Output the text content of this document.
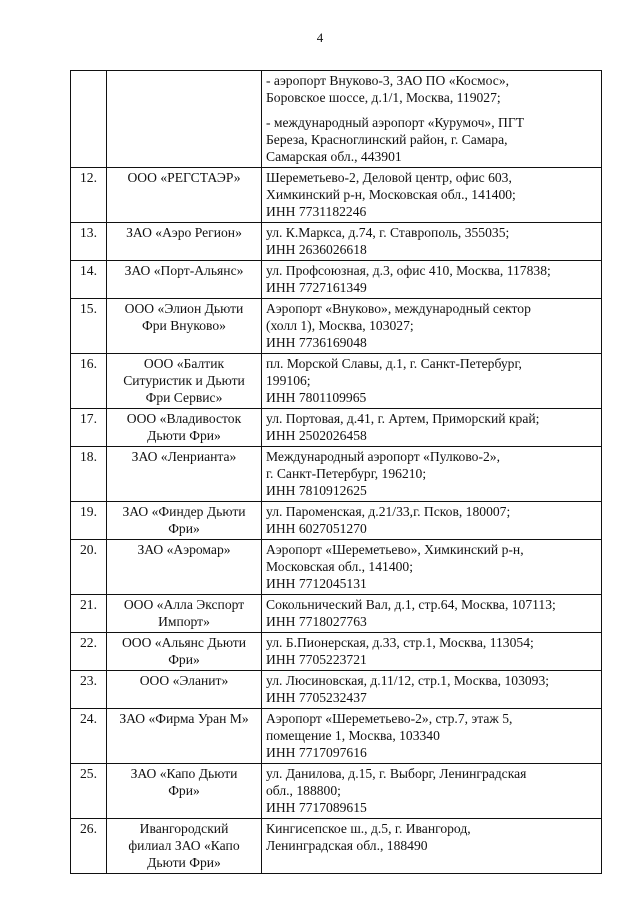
4

		- аэропорт Внуково-3, ЗАО ПО «Космос»,
Боровское шоссе, д.1/1, Москва, 119027;
- международный аэропорт «Курумоч», ПГТ
Береза, Красноглинский район, г. Самара,
Самарская обл., 443901

12.	ООО «РЕГСТАЭР»	Шереметьево-2, Деловой центр, офис 603,
Химкинский р-н, Московская обл., 141400;
ИНН 7731182246

13.	ЗАО «Аэро Регион»	ул. К.Маркса, д.74, г. Ставрополь, 355035;
ИНН 2636026618

14.	ЗАО «Порт-Альянс»	ул. Профсоюзная, д.3, офис 410, Москва, 117838;
ИНН 7727161349

15.	ООО «Элион Дьюти
Фри Внуково»	Аэропорт «Внуково», международный сектор
(холл 1), Москва, 103027;
ИНН 7736169048

16.	ООО «Балтик
Ситуристик и Дьюти
Фри Сервис»	пл. Морской Славы, д.1, г. Санкт-Петербург,
199106;
ИНН 7801109965

17.	ООО «Владивосток
Дьюти Фри»	ул. Портовая, д.41, г. Артем, Приморский край;
ИНН 2502026458

18.	ЗАО «Ленрианта»	Международный аэропорт «Пулково-2»,
г. Санкт-Петербург, 196210;
ИНН 7810912625

19.	ЗАО «Финдер Дьюти
Фри»	ул. Пароменская, д.21/33,г. Псков, 180007;
ИНН 6027051270

20.	ЗАО «Аэромар»	Аэропорт «Шереметьево», Химкинский р-н,
Московская обл., 141400;
ИНН 7712045131

21.	ООО «Алла Экспорт
Импорт»	Сокольнический Вал, д.1, стр.64, Москва, 107113;
ИНН 7718027763

22.	ООО «Альянс Дьюти
Фри»	ул. Б.Пионерская, д.33, стр.1, Москва, 113054;
ИНН 7705223721

23.	ООО «Эланит»	ул. Люсиновская, д.11/12, стр.1, Москва, 103093;
ИНН 7705232437

24.	ЗАО «Фирма Уран М»	Аэропорт «Шереметьево-2», стр.7, этаж 5,
помещение 1, Москва, 103340
ИНН 7717097616

25.	ЗАО «Капо Дьюти
Фри»	ул. Данилова, д.15, г. Выборг, Ленинградская
обл., 188800;
ИНН 7717089615

26.	Ивангородский
филиал ЗАО «Капо
Дьюти Фри»	Кингисепское ш., д.5, г. Ивангород,
Ленинградская обл., 188490
